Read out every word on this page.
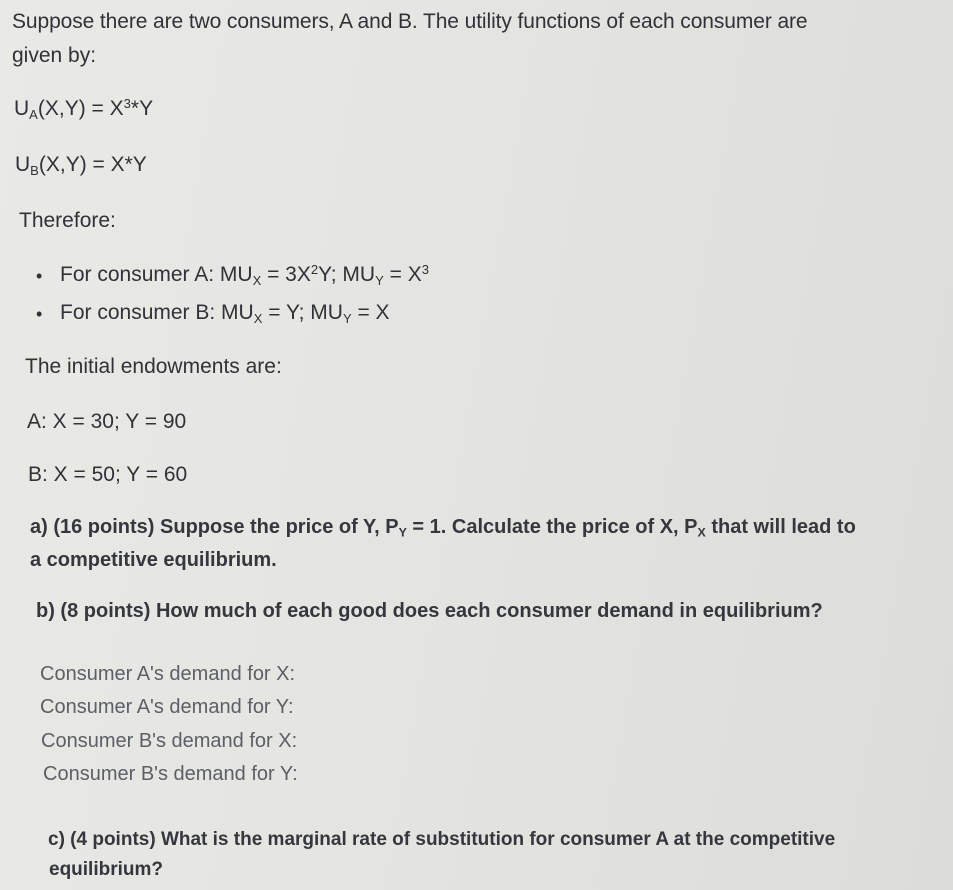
Suppose there are two consumers, A and B. The utility functions of each consumer are
given by:
$U_A(X,Y) = X^3*Y$
$U_B(X,Y) = X*Y$
Therefore:
• For consumer A: $MU_X = 3X^2Y$; $MU_Y = X^3$
• For consumer B: $MU_X = Y$; $MU_Y = X$
The initial endowments are:
A: X = 30; Y = 90
B: X = 50; Y = 60
a) (16 points) Suppose the price of Y, $P_Y = 1$. Calculate the price of X, $P_X$ that will lead to
a competitive equilibrium.
b) (8 points) How much of each good does each consumer demand in equilibrium?
Consumer A's demand for X:
Consumer A's demand for Y:
Consumer B's demand for X:
Consumer B's demand for Y:
c) (4 points) What is the marginal rate of substitution for consumer A at the competitive
equilibrium?
